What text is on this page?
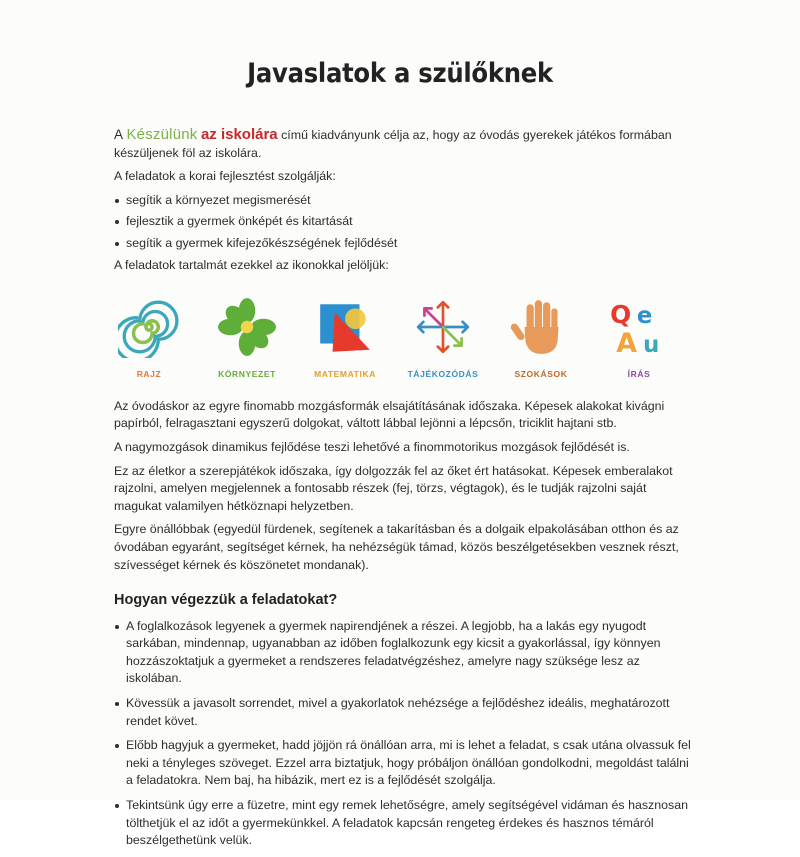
Javaslatok a szülőknek

A Készülünk az iskolára című kiadványunk célja az, hogy az óvodás gyerekek játékos formában készüljenek föl az iskolára.

A feladatok a korai fejlesztést szolgálják:

segítik a környezet megismerését
fejlesztik a gyermek önképét és kitartását
segítik a gyermek kifejezőkészségének fejlődését

A feladatok tartalmát ezekkel az ikonokkal jelöljük:

RAJZ	KÖRNYEZET	MATEMATIKA	TÁJÉKOZÓDÁS	SZOKÁSOK
Q e
A u
ÍRÁS

Az óvodáskor az egyre finomabb mozgásformák elsajátításának időszaka. Képesek alakokat kivágni papírból, felragasztani egyszerű dolgokat, váltott lábbal lejönni a lépcsőn, triciklit hajtani stb.

A nagymozgások dinamikus fejlődése teszi lehetővé a finommotorikus mozgások fejlődését is.

Ez az életkor a szerepjátékok időszaka, így dolgozzák fel az őket ért hatásokat. Képesek emberalakot rajzolni, amelyen megjelennek a fontosabb részek (fej, törzs, végtagok), és le tudják rajzolni saját magukat valamilyen hétköznapi helyzetben.

Egyre önállóbbak (egyedül fürdenek, segítenek a takarításban és a dolgaik elpakolásában otthon és az óvodában egyaránt, segítséget kérnek, ha nehézségük támad, közös beszélgetésekben vesznek részt, szívességet kérnek és köszönetet mondanak).

Hogyan végezzük a feladatokat?
A foglalkozások legyenek a gyermek napirendjének a részei. A legjobb, ha a lakás egy nyugodt sarkában, mindennap, ugyanabban az időben foglalkozunk egy kicsit a gyakorlással, így könnyen hozzászoktatjuk a gyermeket a rendszeres feladatvégzéshez, amelyre nagy szüksége lesz az iskolában.
Kövessük a javasolt sorrendet, mivel a gyakorlatok nehézsége a fejlődéshez ideális, meghatározott rendet követ.
Előbb hagyjuk a gyermeket, hadd jöjjön rá önállóan arra, mi is lehet a feladat, s csak utána olvassuk fel neki a tényleges szöveget. Ezzel arra biztatjuk, hogy próbáljon önállóan gondolkodni, megoldást találni a feladatokra. Nem baj, ha hibázik, mert ez is a fejlődését szolgálja.
Tekintsünk úgy erre a füzetre, mint egy remek lehetőségre, amely segítségével vidáman és hasznosan tölthetjük el az időt a gyermekünkkel. A feladatok kapcsán rengeteg érdekes és hasznos témáról beszélgethetünk velük.
